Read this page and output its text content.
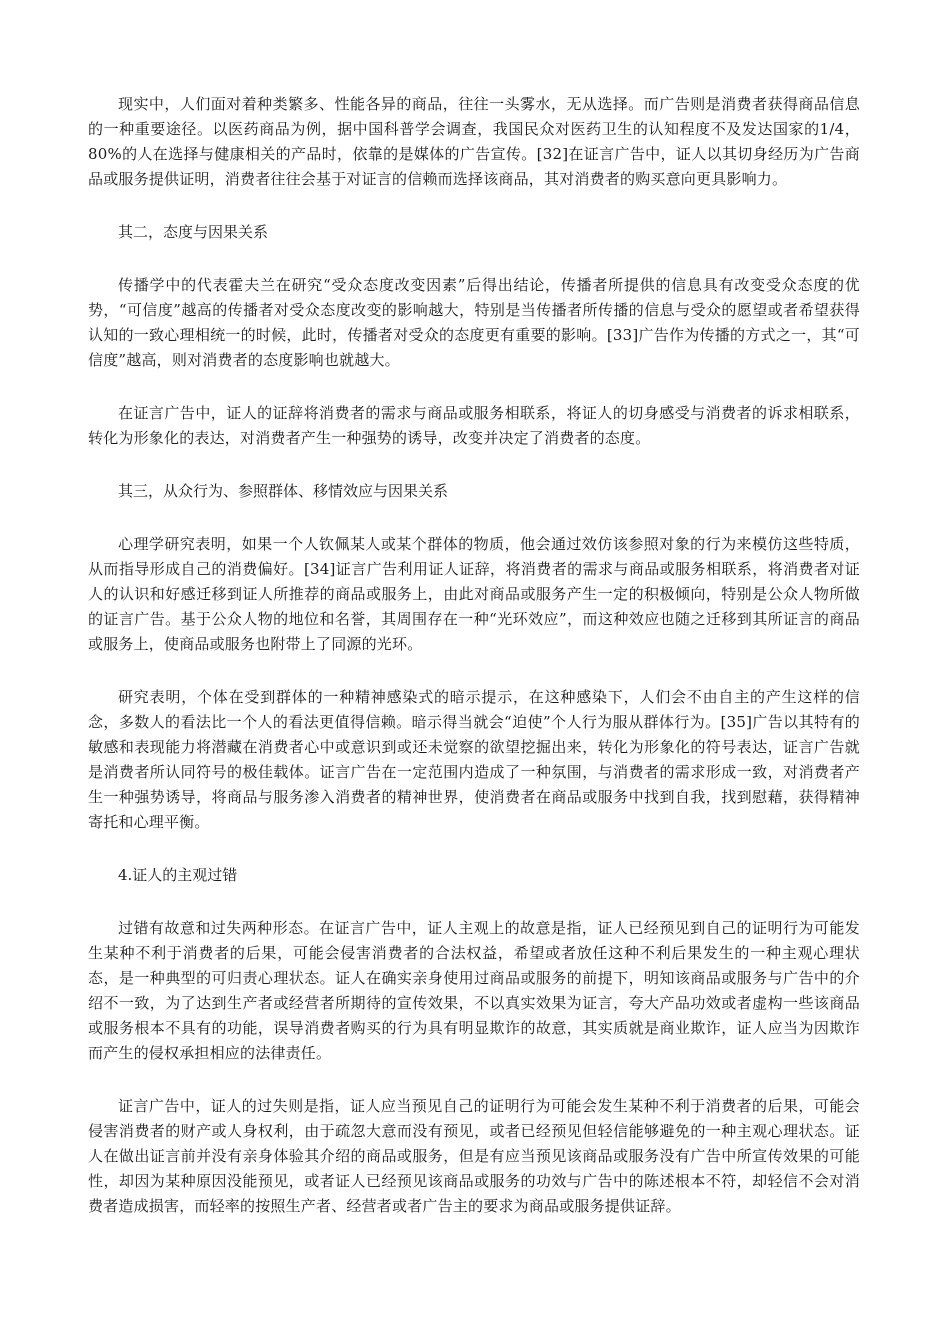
现实中，人们面对着种类繁多、性能各异的商品，往往一头雾水，无从选择。而广告则是消费者获得商品信息的一种重要途径。以医药商品为例，据中国科普学会调查，我国民众对医药卫生的认知程度不及发达国家的1/4，80%的人在选择与健康相关的产品时，依靠的是媒体的广告宣传。[32]在证言广告中，证人以其切身经历为广告商品或服务提供证明，消费者往往会基于对证言的信赖而选择该商品，其对消费者的购买意向更具影响力。

其二，态度与因果关系

传播学中的代表霍夫兰在研究“受众态度改变因素”后得出结论，传播者所提供的信息具有改变受众态度的优势，“可信度”越高的传播者对受众态度改变的影响越大，特别是当传播者所传播的信息与受众的愿望或者希望获得认知的一致心理相统一的时候，此时，传播者对受众的态度更有重要的影响。[33]广告作为传播的方式之一，其“可信度”越高，则对消费者的态度影响也就越大。

在证言广告中，证人的证辞将消费者的需求与商品或服务相联系，将证人的切身感受与消费者的诉求相联系，转化为形象化的表达，对消费者产生一种强势的诱导，改变并决定了消费者的态度。

其三，从众行为、参照群体、移情效应与因果关系

心理学研究表明，如果一个人钦佩某人或某个群体的物质，他会通过效仿该参照对象的行为来模仿这些特质，从而指导形成自己的消费偏好。[34]证言广告利用证人证辞，将消费者的需求与商品或服务相联系，将消费者对证人的认识和好感迁移到证人所推荐的商品或服务上，由此对商品或服务产生一定的积极倾向，特别是公众人物所做的证言广告。基于公众人物的地位和名誉，其周围存在一种“光环效应”，而这种效应也随之迁移到其所证言的商品或服务上，使商品或服务也附带上了同源的光环。

研究表明，个体在受到群体的一种精神感染式的暗示提示，在这种感染下，人们会不由自主的产生这样的信念，多数人的看法比一个人的看法更值得信赖。暗示得当就会“迫使”个人行为服从群体行为。[35]广告以其特有的敏感和表现能力将潜藏在消费者心中或意识到或还未觉察的欲望挖掘出来，转化为形象化的符号表达，证言广告就是消费者所认同符号的极佳载体。证言广告在一定范围内造成了一种氛围，与消费者的需求形成一致，对消费者产生一种强势诱导，将商品与服务渗入消费者的精神世界，使消费者在商品或服务中找到自我，找到慰藉，获得精神寄托和心理平衡。

4.证人的主观过错

过错有故意和过失两种形态。在证言广告中，证人主观上的故意是指，证人已经预见到自己的证明行为可能发生某种不利于消费者的后果，可能会侵害消费者的合法权益，希望或者放任这种不利后果发生的一种主观心理状态，是一种典型的可归责心理状态。证人在确实亲身使用过商品或服务的前提下，明知该商品或服务与广告中的介绍不一致，为了达到生产者或经营者所期待的宣传效果，不以真实效果为证言，夸大产品功效或者虚构一些该商品或服务根本不具有的功能，误导消费者购买的行为具有明显欺诈的故意，其实质就是商业欺诈，证人应当为因欺诈而产生的侵权承担相应的法律责任。

证言广告中，证人的过失则是指，证人应当预见自己的证明行为可能会发生某种不利于消费者的后果，可能会侵害消费者的财产或人身权利，由于疏忽大意而没有预见，或者已经预见但轻信能够避免的一种主观心理状态。证人在做出证言前并没有亲身体验其介绍的商品或服务，但是有应当预见该商品或服务没有广告中所宣传效果的可能性，却因为某种原因没能预见，或者证人已经预见该商品或服务的功效与广告中的陈述根本不符，却轻信不会对消费者造成损害，而轻率的按照生产者、经营者或者广告主的要求为商品或服务提供证辞。
